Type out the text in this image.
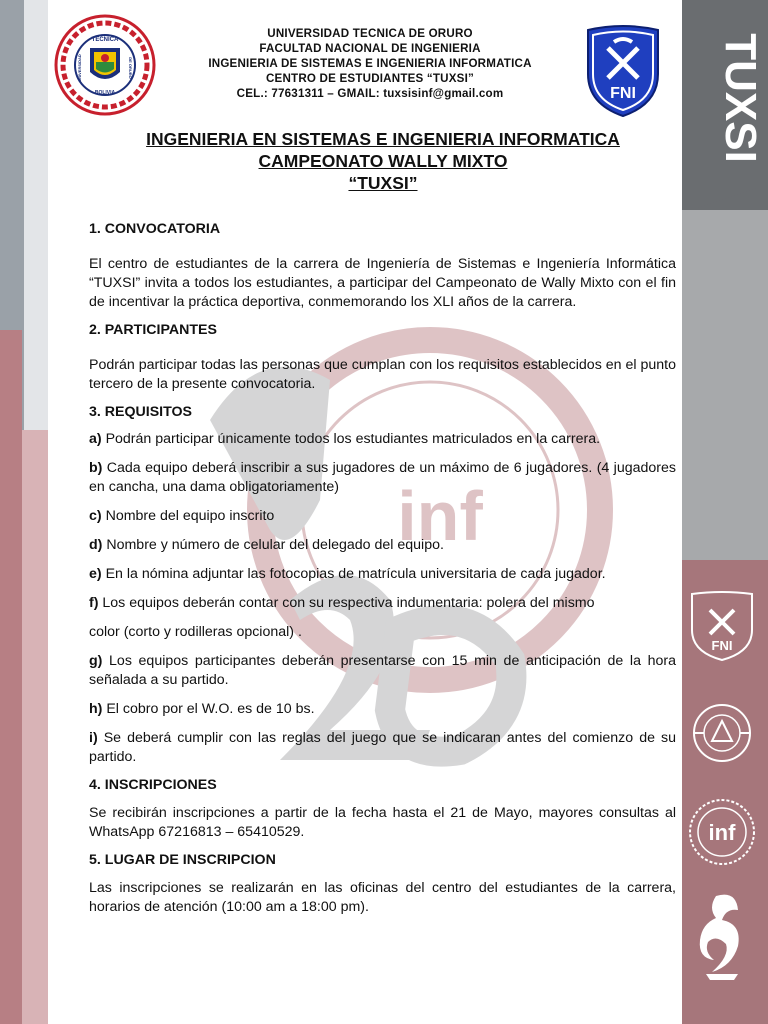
TUXSI
inf
TECNICA
UNIVERSIDAD	DE ORURO
BOLIVIA	FNI
FNI
inf
UNIVERSIDAD TECNICA DE ORURO
FACULTAD NACIONAL DE INGENIERIA
INGENIERIA DE SISTEMAS E INGENIERIA INFORMATICA
CENTRO DE ESTUDIANTES “TUXSI”
CEL.: 77631311 – GMAIL: tuxsisinf@gmail.com
INGENIERIA EN SISTEMAS E INGENIERIA INFORMATICA
CAMPEONATO WALLY MIXTO
“TUXSI”

1. CONVOCATORIA

El centro de estudiantes de la carrera de Ingeniería de Sistemas e Ingeniería Informática “TUXSI” invita a todos los estudiantes, a participar del Campeonato de Wally Mixto con el fin de incentivar la práctica deportiva, conmemorando los XLI años de la carrera.

2. PARTICIPANTES

Podrán participar todas las personas que cumplan con los requisitos establecidos en el punto tercero de la presente convocatoria.

3. REQUISITOS

a) Podrán participar únicamente todos los estudiantes matriculados en la carrera.

b) Cada equipo deberá inscribir a sus jugadores de un máximo de 6 jugadores. (4 jugadores en cancha, una dama obligatoriamente)

c) Nombre del equipo inscrito

d) Nombre y número de celular del delegado del equipo.

e) En la nómina adjuntar las fotocopias de matrícula universitaria de cada jugador.

f) Los equipos deberán contar con su respectiva indumentaria: polera del mismo

color (corto y rodilleras opcional) .

g) Los equipos participantes deberán presentarse con 15 min de anticipación de la hora señalada a su partido.

h) El cobro por el W.O. es de 10 bs.

i) Se deberá cumplir con las reglas del juego que se indicaran antes del comienzo de su partido.

4. INSCRIPCIONES

Se recibirán inscripciones a partir de la fecha hasta el 21 de Mayo, mayores consultas al WhatsApp 67216813 – 65410529.

5. LUGAR DE INSCRIPCION

Las inscripciones se realizarán en las oficinas del centro del estudiantes de la carrera, horarios de atención (10:00 am a 18:00 pm).
